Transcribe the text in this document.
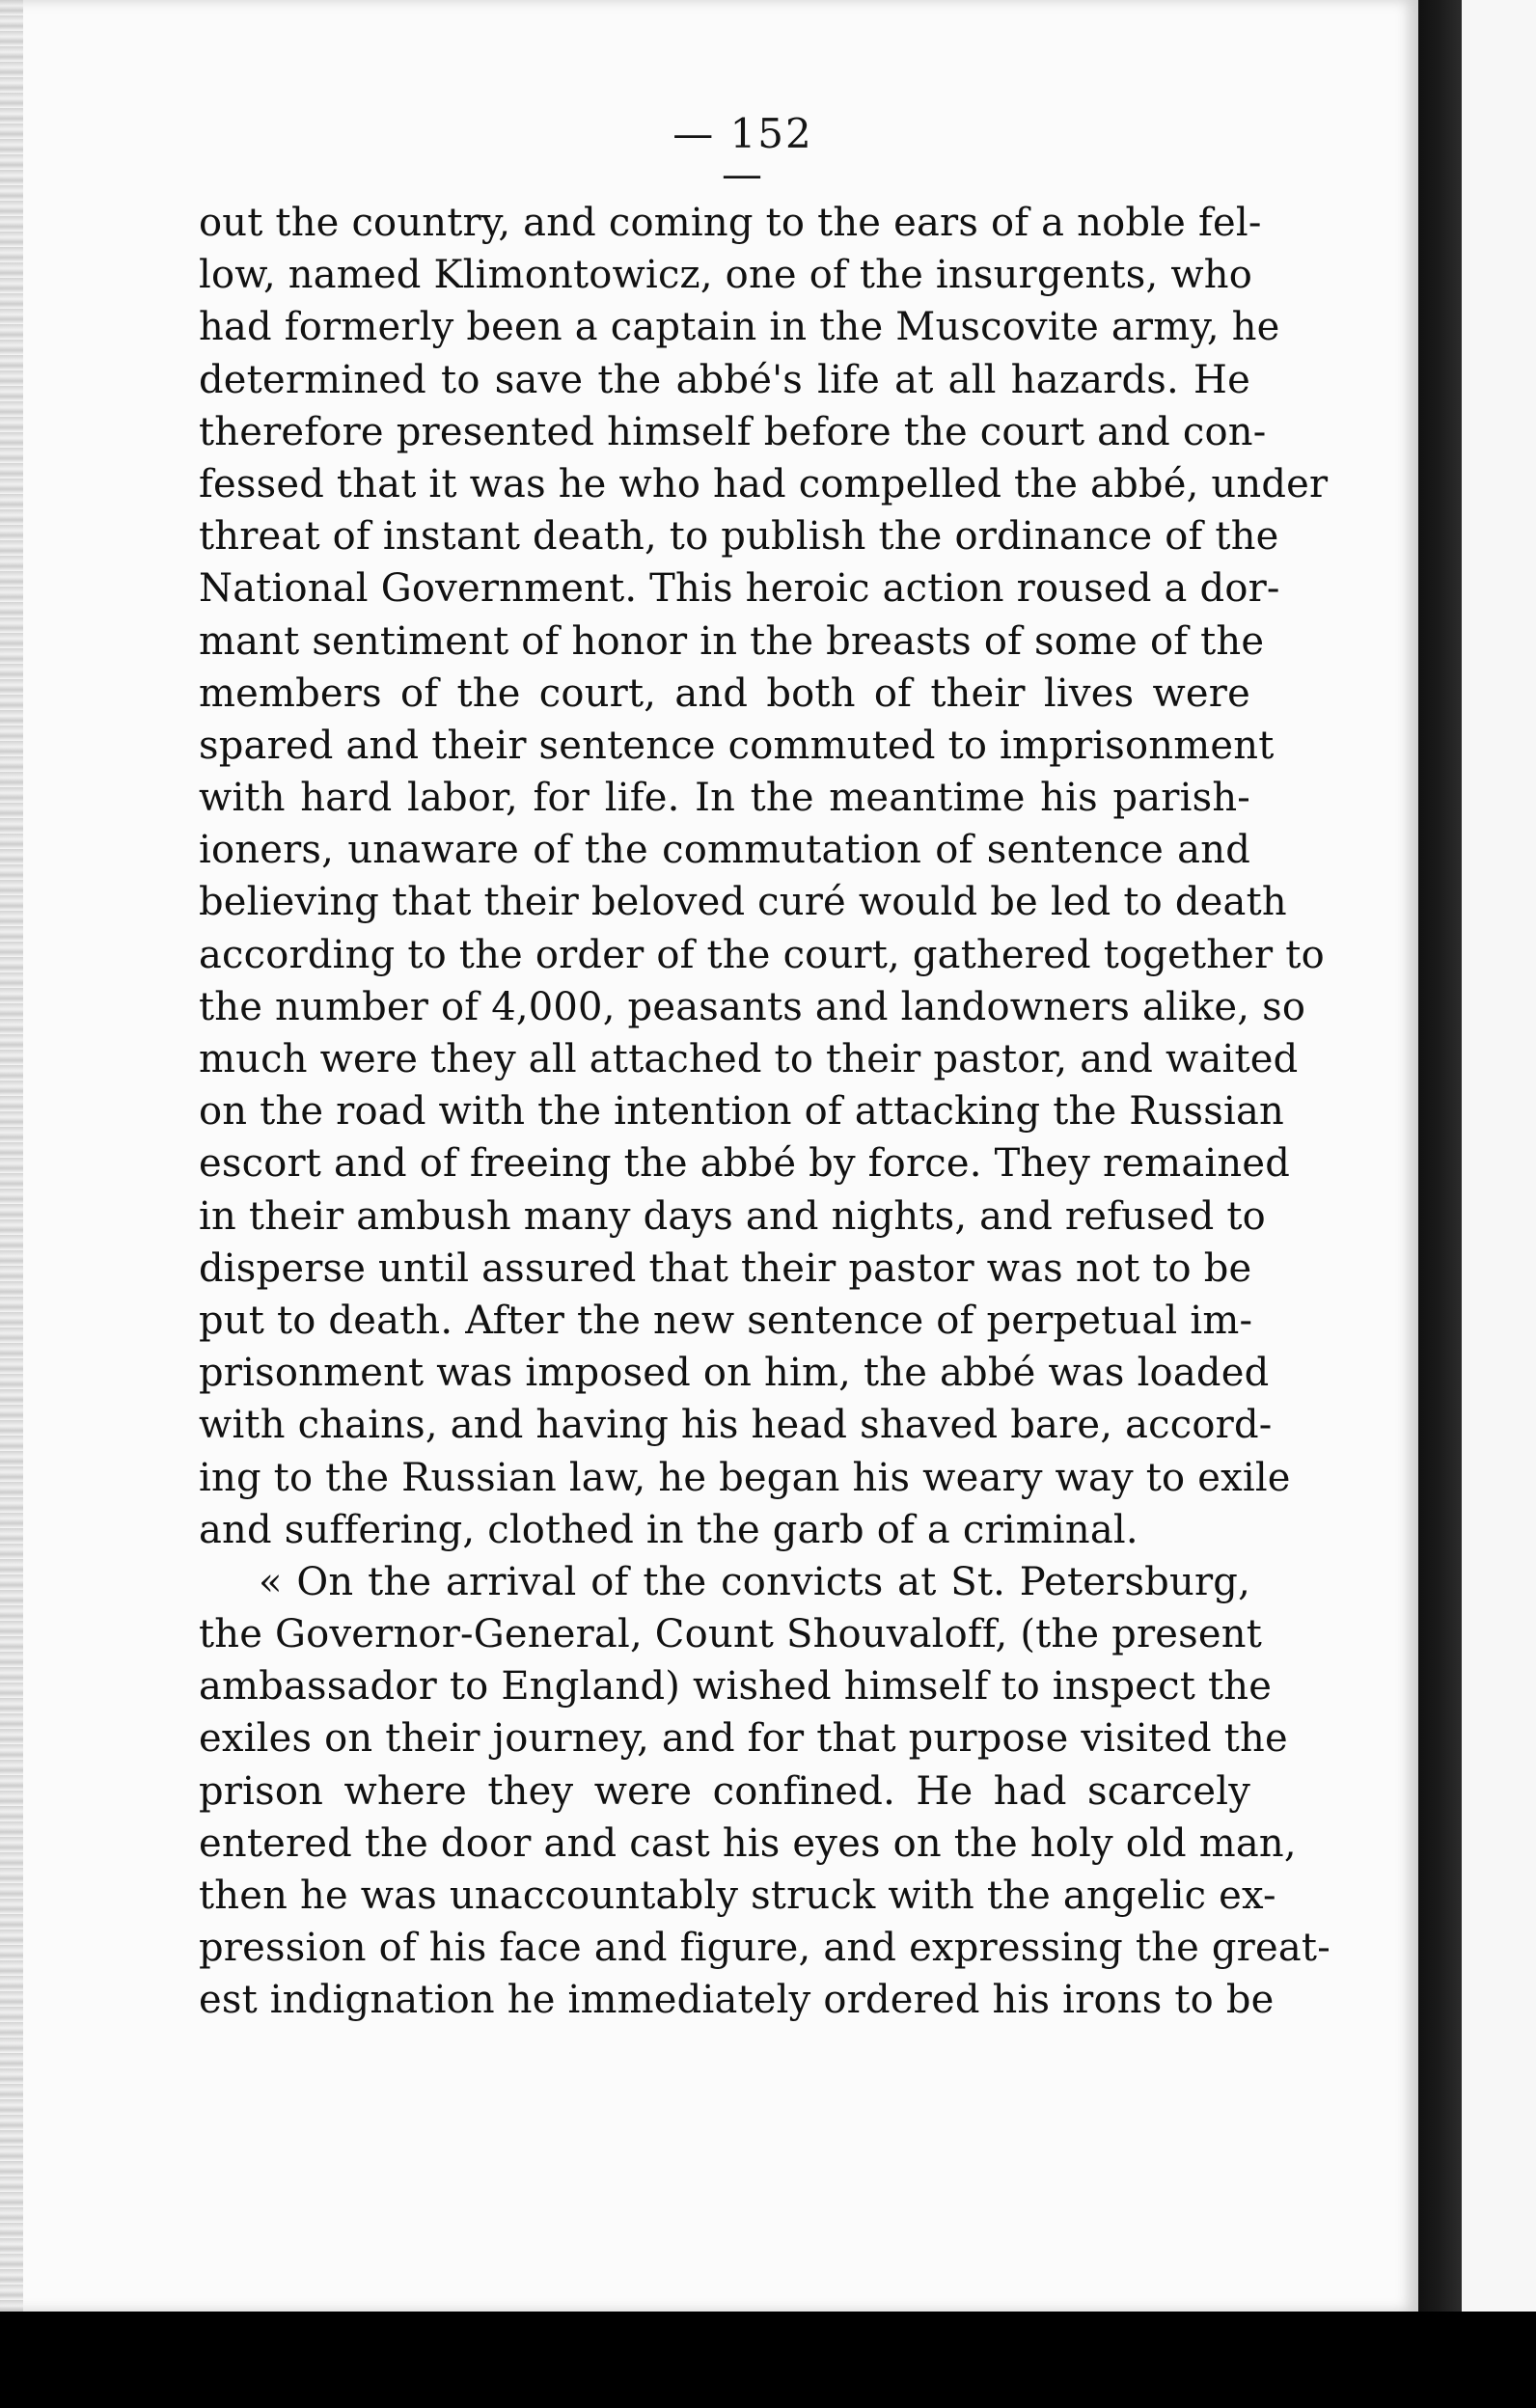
— 152 —
out the country, and coming to the ears of a noble fel-
low, named Klimontowicz, one of the insurgents, who
had formerly been a captain in the Muscovite army, he
determined to save the abbé's life at all hazards. He
therefore presented himself before the court and con-
fessed that it was he who had compelled the abbé, under
threat of instant death, to publish the ordinance of the
National Government. This heroic action roused a dor-
mant sentiment of honor in the breasts of some of the
members of the court, and both of their lives were
spared and their sentence commuted to imprisonment
with hard labor, for life. In the meantime his parish-
ioners, unaware of the commutation of sentence and
believing that their beloved curé would be led to death
according to the order of the court, gathered together to
the number of 4,000, peasants and landowners alike, so
much were they all attached to their pastor, and waited
on the road with the intention of attacking the Russian
escort and of freeing the abbé by force. They remained
in their ambush many days and nights, and refused to
disperse until assured that their pastor was not to be
put to death. After the new sentence of perpetual im-
prisonment was imposed on him, the abbé was loaded
with chains, and having his head shaved bare, accord-
ing to the Russian law, he began his weary way to exile
and suffering, clothed in the garb of a criminal.
« On the arrival of the convicts at St. Petersburg,
the Governor-General, Count Shouvaloff, (the present
ambassador to England) wished himself to inspect the
exiles on their journey, and for that purpose visited the
prison where they were confined. He had scarcely
entered the door and cast his eyes on the holy old man,
then he was unaccountably struck with the angelic ex-
pression of his face and figure, and expressing the great-
est indignation he immediately ordered his irons to be
